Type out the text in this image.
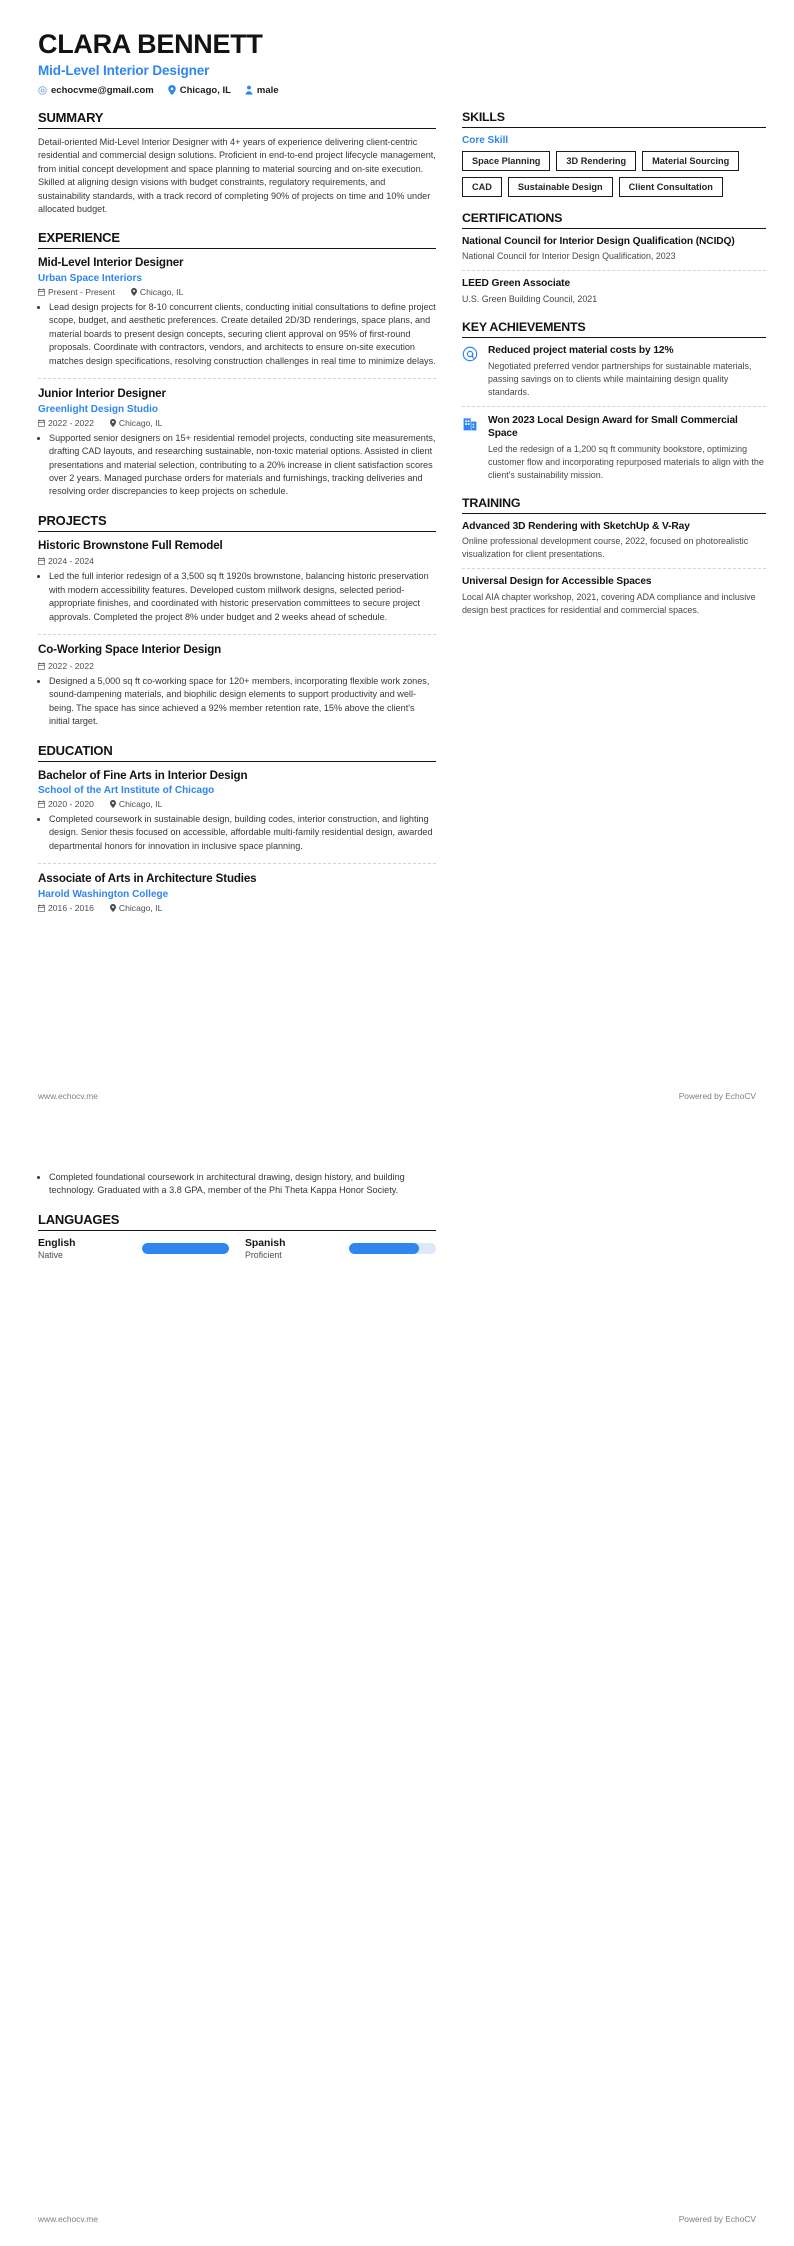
CLARA BENNETT
Mid-Level Interior Designer
echocvme@gmail.com	Chicago, IL	male
SUMMARY
Detail-oriented Mid-Level Interior Designer with 4+ years of experience delivering client-centric residential and commercial design solutions. Proficient in end-to-end project lifecycle management, from initial concept development and space planning to material sourcing and on-site execution. Skilled at aligning design visions with budget constraints, regulatory requirements, and sustainability standards, with a track record of completing 90% of projects on time and 10% under allocated budget.
EXPERIENCE
Mid-Level Interior Designer
Urban Space Interiors
Present - Present	Chicago, IL
• Lead design projects for 8-10 concurrent clients, conducting initial consultations to define project scope, budget, and aesthetic preferences. Create detailed 2D/3D renderings, space plans, and material boards to present design concepts, securing client approval on 95% of first-round proposals. Coordinate with contractors, vendors, and architects to ensure on-site execution matches design specifications, resolving construction challenges in real time to minimize delays.
Junior Interior Designer
Greenlight Design Studio
2022 - 2022	Chicago, IL
• Supported senior designers on 15+ residential remodel projects, conducting site measurements, drafting CAD layouts, and researching sustainable, non-toxic material options. Assisted in client presentations and material selection, contributing to a 20% increase in client satisfaction scores over 2 years. Managed purchase orders for materials and furnishings, tracking deliveries and resolving order discrepancies to keep projects on schedule.
PROJECTS
Historic Brownstone Full Remodel
2024 - 2024
• Led the full interior redesign of a 3,500 sq ft 1920s brownstone, balancing historic preservation with modern accessibility features. Developed custom millwork designs, selected period-appropriate finishes, and coordinated with historic preservation committees to secure project approvals. Completed the project 8% under budget and 2 weeks ahead of schedule.
Co-Working Space Interior Design
2022 - 2022
• Designed a 5,000 sq ft co-working space for 120+ members, incorporating flexible work zones, sound-dampening materials, and biophilic design elements to support productivity and well-being. The space has since achieved a 92% member retention rate, 15% above the client's initial target.
EDUCATION
Bachelor of Fine Arts in Interior Design
School of the Art Institute of Chicago
2020 - 2020	Chicago, IL
• Completed coursework in sustainable design, building codes, interior construction, and lighting design. Senior thesis focused on accessible, affordable multi-family residential design, awarded departmental honors for innovation in inclusive space planning.
Associate of Arts in Architecture Studies
Harold Washington College
2016 - 2016	Chicago, IL
SKILLS
Core Skill
Space Planning	3D Rendering	Material Sourcing
CAD	Sustainable Design	Client Consultation
CERTIFICATIONS
National Council for Interior Design Qualification (NCIDQ)
National Council for Interior Design Qualification, 2023
LEED Green Associate
U.S. Green Building Council, 2021
KEY ACHIEVEMENTS
Reduced project material costs by 12%
Negotiated preferred vendor partnerships for sustainable materials, passing savings on to clients while maintaining design quality standards.
Won 2023 Local Design Award for Small Commercial Space
Led the redesign of a 1,200 sq ft community bookstore, optimizing customer flow and incorporating repurposed materials to align with the client's sustainability mission.
TRAINING
Advanced 3D Rendering with SketchUp & V-Ray
Online professional development course, 2022, focused on photorealistic visualization for client presentations.
Universal Design for Accessible Spaces
Local AIA chapter workshop, 2021, covering ADA compliance and inclusive design best practices for residential and commercial spaces.
www.echocv.me	Powered by EchoCV
• Completed foundational coursework in architectural drawing, design history, and building technology. Graduated with a 3.8 GPA, member of the Phi Theta Kappa Honor Society.
LANGUAGES
English
Native
Spanish
Proficient
www.echocv.me	Powered by EchoCV
